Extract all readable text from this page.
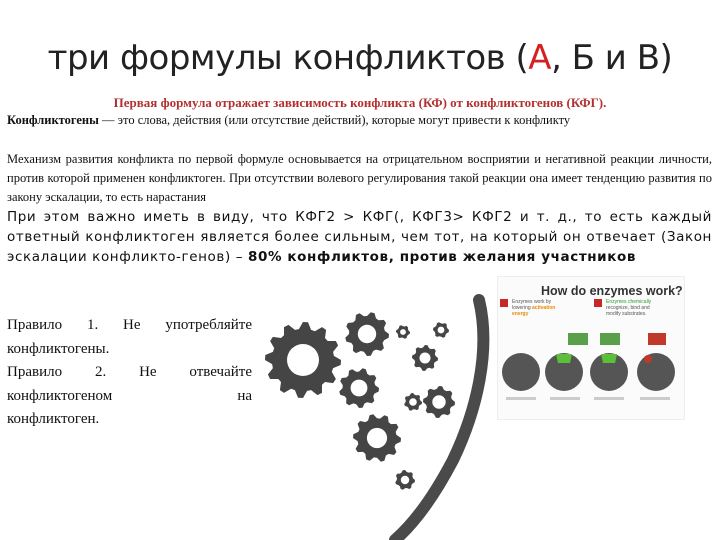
три формулы конфликтов (А, Б и В)
Первая формула отражает зависимость конфликта (КФ) от конфликтогенов (КФГ).

Конфликтогены — это слова, действия (или отсутствие действий), которые могут привести к конфликту

Механизм развития конфликта по первой формуле основывается на отрицательном восприятии и негативной реакции личности, против которой применен конфликтоген. При отсутствии волевого регулирования такой реакции она имеет тенденцию развития по закону эскалации, то есть нарастания

При этом важно иметь в виду, что КФГ2 > КФГ(, КФГ3> КФГ2 и т. д., то есть каждый ответный конфликтоген является более сильным, чем тот, на который он отвечает (Закон эскалации конфликто-генов) – 80% конфликтов, против желания участников

Правило 1. Не употребляйте
конфликтогены.
Правило 2. Не отвечайте
конфликтогеном на
конфликтоген.
How do enzymes work?
Enzymes work by
lowering activation
energy
Enzymes chemically
recognize, bind and
modify substrates.
